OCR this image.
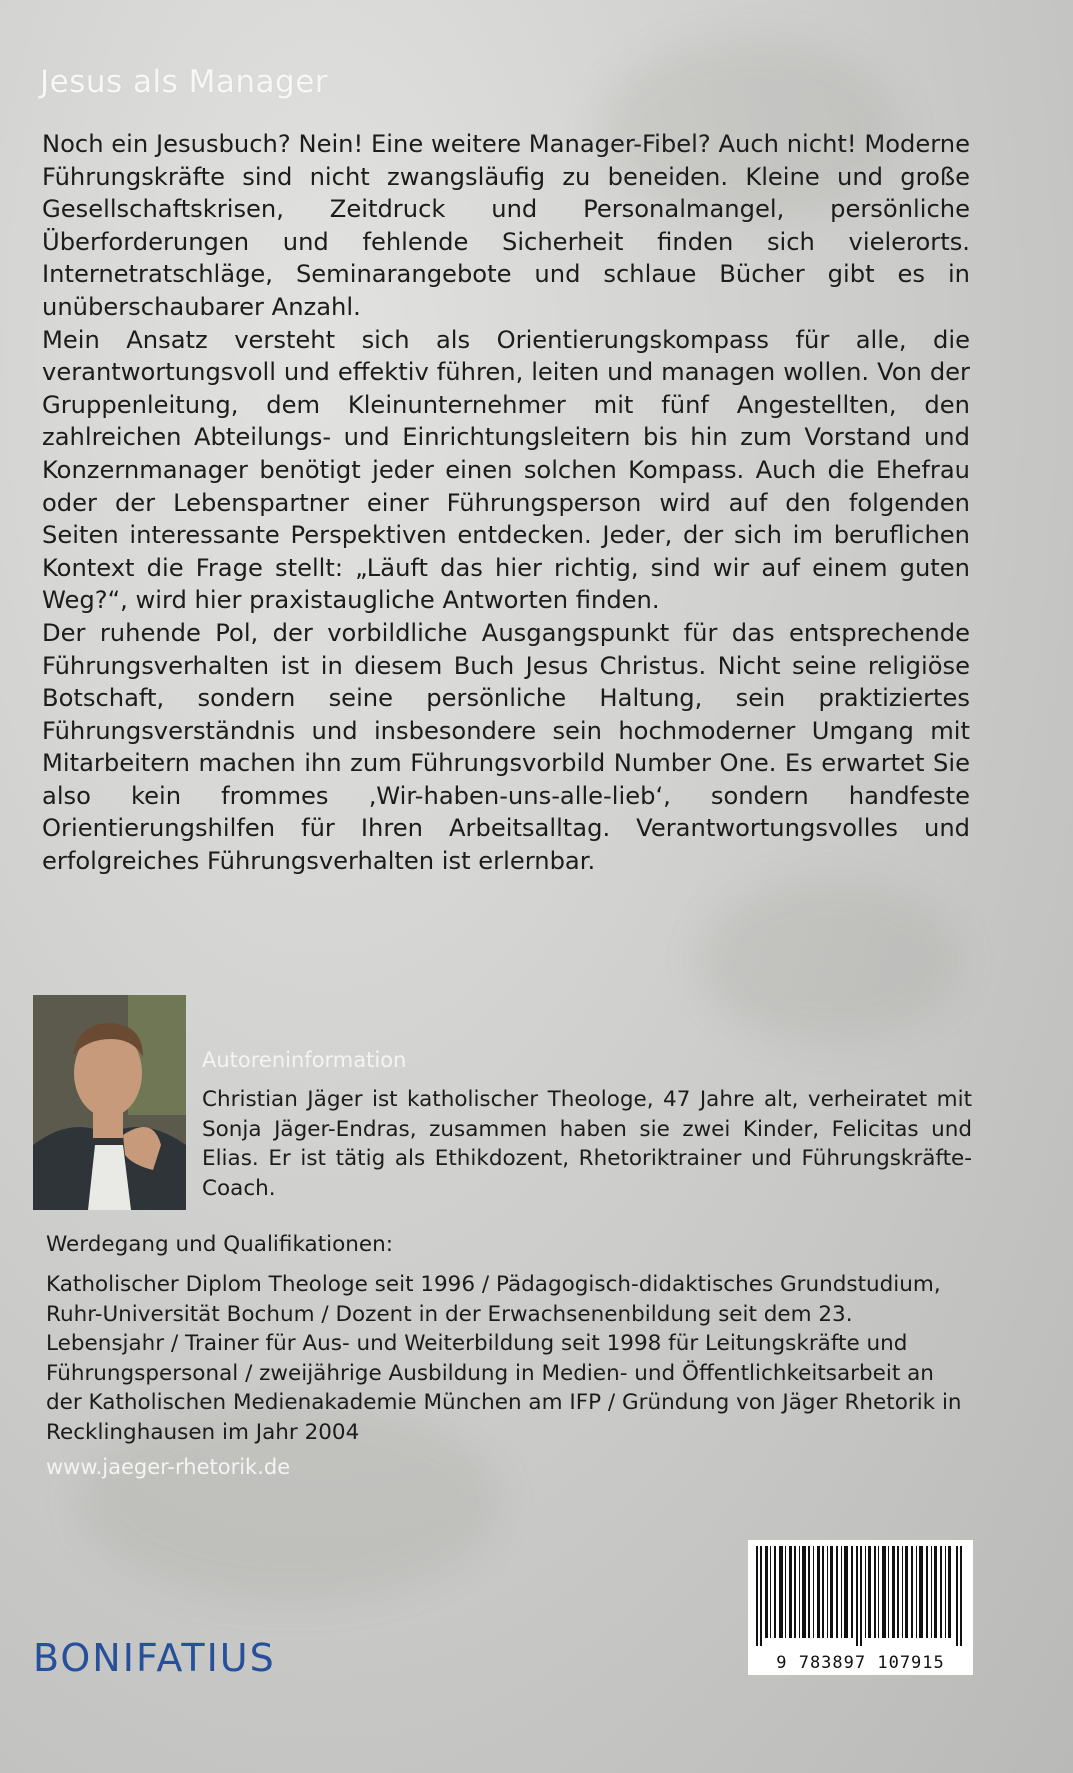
Jesus als Manager

Noch ein Jesusbuch? Nein! Eine weitere Manager-Fibel? Auch nicht! Moderne Führungskräfte sind nicht zwangsläufig zu beneiden. Kleine und große Gesellschaftskrisen, Zeitdruck und Personalmangel, persönliche Überforderungen und fehlende Sicherheit finden sich vielerorts. Internetratschläge, Seminarangebote und schlaue Bücher gibt es in unüberschaubarer Anzahl.

Mein Ansatz versteht sich als Orientierungskompass für alle, die verantwortungsvoll und effektiv führen, leiten und managen wollen. Von der Gruppenleitung, dem Kleinunternehmer mit fünf Angestellten, den zahlreichen Abteilungs- und Einrichtungsleitern bis hin zum Vorstand und Konzernmanager benötigt jeder einen solchen Kompass. Auch die Ehefrau oder der Lebenspartner einer Führungsperson wird auf den folgenden Seiten interessante Perspektiven entdecken. Jeder, der sich im beruflichen Kontext die Frage stellt: „Läuft das hier richtig, sind wir auf einem guten Weg?“, wird hier praxistaugliche Antworten finden.

Der ruhende Pol, der vorbildliche Ausgangspunkt für das entsprechende Führungsverhalten ist in diesem Buch Jesus Christus. Nicht seine religiöse Botschaft, sondern seine persönliche Haltung, sein praktiziertes Führungsverständnis und insbesondere sein hochmoderner Umgang mit Mitarbeitern machen ihn zum Führungsvorbild Number One. Es erwartet Sie also kein frommes ‚Wir-haben-uns-alle-lieb‘, sondern handfeste Orientierungshilfen für Ihren Arbeitsalltag. Verantwortungsvolles und erfolgreiches Führungsverhalten ist erlernbar.

Autoreninformation
Christian Jäger ist katholischer Theologe, 47 Jahre alt, verheiratet mit Sonja Jäger-Endras, zusammen haben sie zwei Kinder, Felicitas und Elias. Er ist tätig als Ethikdozent, Rhetoriktrainer und Führungskräfte-Coach.
Werdegang und Qualifikationen:
Katholischer Diplom Theologe seit 1996 / Pädagogisch-didaktisches Grundstudium, Ruhr-Universität Bochum / Dozent in der Erwachsenenbildung seit dem 23. Lebensjahr / Trainer für Aus- und Weiterbildung seit 1998 für Leitungskräfte und Führungspersonal / zweijährige Ausbildung in Medien- und Öffentlichkeitsarbeit an der Katholischen Medienakademie München am IFP / Gründung von Jäger Rhetorik in Recklinghausen im Jahr 2004
www.jaeger-rhetorik.de
BONIFATIUS	9 783897 107915
